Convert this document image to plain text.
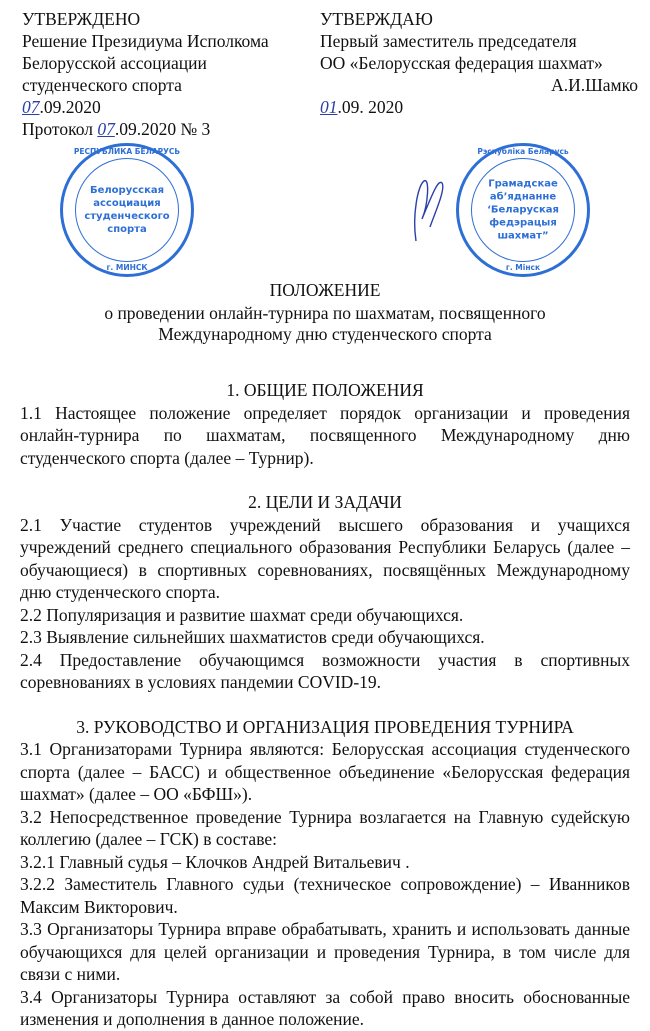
УТВЕРЖДЕНО
Решение Президиума Исполкома
Белорусской ассоциации
студенческого спорта
07.09.2020
Протокол 07.09.2020 № 3
УТВЕРЖДАЮ
Первый заместитель председателя
ОО «Белорусская федерация шахмат»
А.И.Шамко
01.09. 2020
РЕСПУБЛИКА БЕЛАРУСЬ
Белорусская
ассоциация
студенческого
спорта
г. МИНСК
Рэспубліка Беларусь
Грамадскае
аб’яднанне
‘Беларуская
федэрацыя
шахмат”
г. Мінск
ПОЛОЖЕНИЕ
о проведении онлайн-турнира по шахматам, посвященного
Международному дню студенческого спорта
1. ОБЩИЕ ПОЛОЖЕНИЯ
1.1 Настоящее положение определяет порядок организации и проведения онлайн-турнира по шахматам, посвященного Международному дню студенческого спорта (далее – Турнир).
2. ЦЕЛИ И ЗАДАЧИ
2.1 Участие студентов учреждений высшего образования и учащихся учреждений среднего специального образования Республики Беларусь (далее – обучающиеся) в спортивных соревнованиях, посвящённых Международному дню студенческого спорта.
2.2 Популяризация и развитие шахмат среди обучающихся.
2.3 Выявление сильнейших шахматистов среди обучающихся.
2.4 Предоставление обучающимся возможности участия в спортивных соревнованиях в условиях пандемии COVID-19.
3. РУКОВОДСТВО И ОРГАНИЗАЦИЯ ПРОВЕДЕНИЯ ТУРНИРА
3.1 Организаторами Турнира являются: Белорусская ассоциация студенческого спорта (далее – БАСС) и общественное объединение «Белорусская федерация шахмат» (далее – ОО «БФШ»).
3.2 Непосредственное проведение Турнира возлагается на Главную судейскую коллегию (далее – ГСК) в составе:
3.2.1 Главный судья – Клочков Андрей Витальевич .
3.2.2 Заместитель Главного судьи (техническое сопровождение) – Иванников Максим Викторович.
3.3 Организаторы Турнира вправе обрабатывать, хранить и использовать данные обучающихся для целей организации и проведения Турнира, в том числе для связи с ними.
3.4 Организаторы Турнира оставляют за собой право вносить обоснованные изменения и дополнения в данное положение.
